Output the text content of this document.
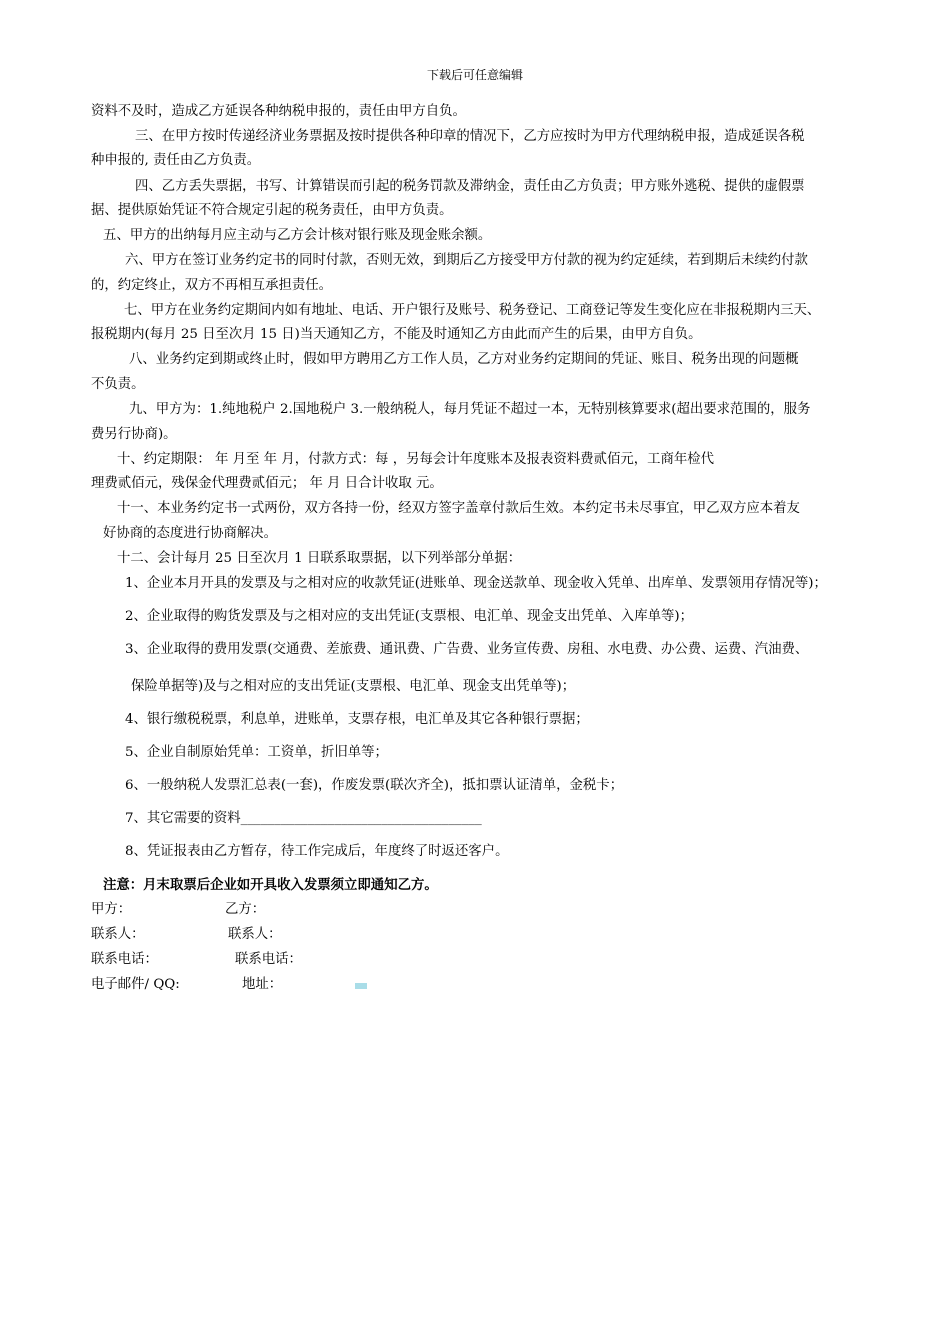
下载后可任意编辑
资料不及时，造成乙方延误各种纳税申报的，责任由甲方自负。
三、在甲方按时传递经济业务票据及按时提供各种印章的情况下，乙方应按时为甲方代理纳税申报，造成延误各税
种申报的, 责任由乙方负责。
四、乙方丢失票据，书写、计算错误而引起的税务罚款及滞纳金，责任由乙方负责；甲方账外逃税、提供的虚假票
据、提供原始凭证不符合规定引起的税务责任，由甲方负责。
五、甲方的出纳每月应主动与乙方会计核对银行账及现金账余额。
六、甲方在签订业务约定书的同时付款，否则无效，到期后乙方接受甲方付款的视为约定延续，若到期后未续约付款
的，约定终止，双方不再相互承担责任。
七、甲方在业务约定期间内如有地址、电话、开户银行及账号、税务登记、工商登记等发生变化应在非报税期内三天、
报税期内(每月 25 日至次月 15 日)当天通知乙方，不能及时通知乙方由此而产生的后果，由甲方自负。
八、业务约定到期或终止时，假如甲方聘用乙方工作人员，乙方对业务约定期间的凭证、账目、税务出现的问题概
不负责。
九、甲方为：1.纯地税户 2.国地税户 3.一般纳税人，每月凭证不超过一本，无特别核算要求(超出要求范围的，服务
费另行协商)。
十、约定期限： 年 月至 年 月，付款方式：每 ，另每会计年度账本及报表资料费贰佰元，工商年检代
理费贰佰元，残保金代理费贰佰元； 年 月 日合计收取 元。
十一、本业务约定书一式两份，双方各持一份，经双方签字盖章付款后生效。本约定书未尽事宜，甲乙双方应本着友
好协商的态度进行协商解决。
十二、会计每月 25 日至次月 1 日联系取票据，以下列举部分单据：
1、企业本月开具的发票及与之相对应的收款凭证(进账单、现金送款单、现金收入凭单、出库单、发票领用存情况等)；
2、企业取得的购货发票及与之相对应的支出凭证(支票根、电汇单、现金支出凭单、入库单等)；
3、企业取得的费用发票(交通费、差旅费、通讯费、广告费、业务宣传费、房租、水电费、办公费、运费、汽油费、
保险单据等)及与之相对应的支出凭证(支票根、电汇单、现金支出凭单等)；
4、银行缴税税票，利息单，进账单，支票存根，电汇单及其它各种银行票据；
5、企业自制原始凭单：工资单，折旧单等；
6、一般纳税人发票汇总表(一套)，作废发票(联次齐全)，抵扣票认证清单，金税卡；
7、其它需要的资料____________________________________
8、凭证报表由乙方暂存，待工作完成后，年度终了时返还客户。
注意：月末取票后企业如开具收入发票须立即通知乙方。
甲方：	乙方：
联系人：	联系人：
联系电话：	联系电话：
电子邮件/ QQ:	地址：
